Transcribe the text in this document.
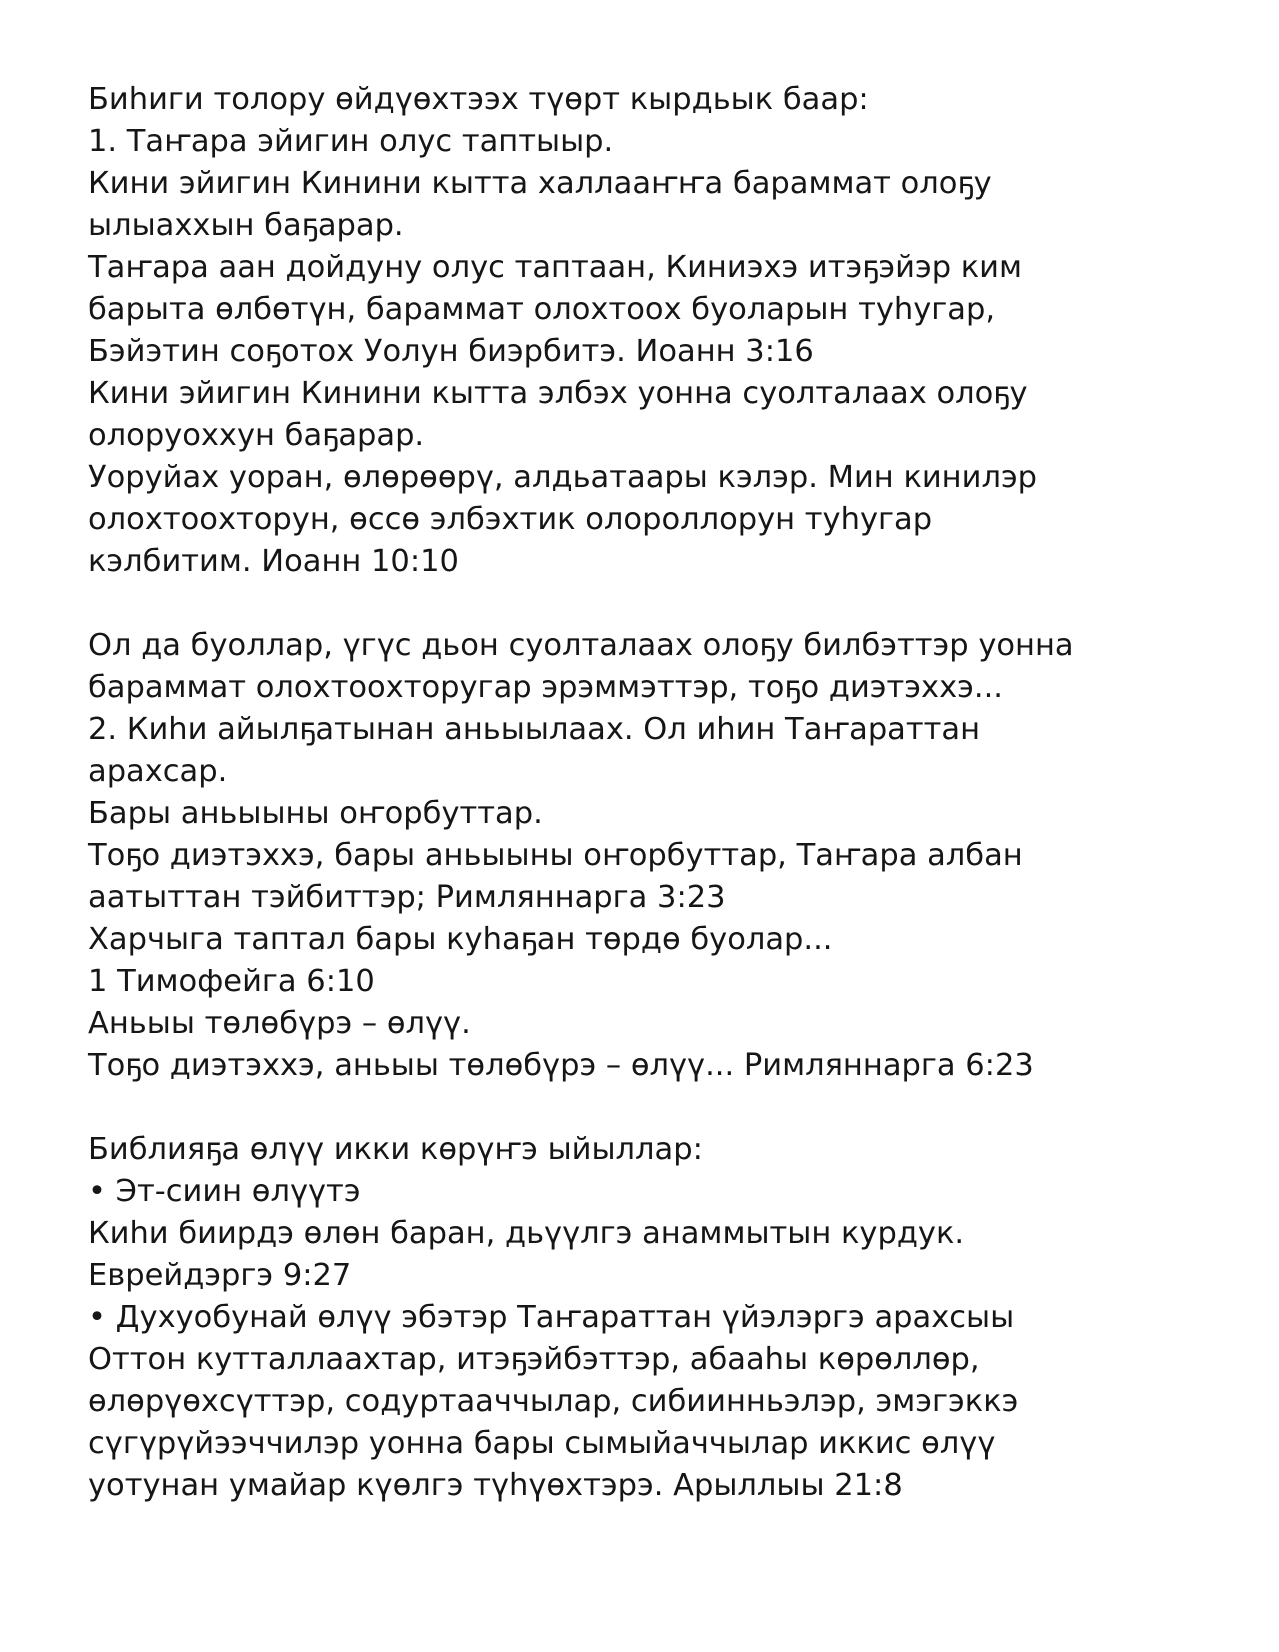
Биһиги толору өйдүөхтээх түөрт кырдьык баар:
1. Таҥара эйигин олус таптыыр.
Кини эйигин Кинини кытта халлааҥҥа бараммат олоҕу
ылыаххын баҕарар.
Таҥара аан дойдуну олус таптаан, Киниэхэ итэҕэйэр ким
барыта өлбөтүн, бараммат олохтоох буоларын туһугар,
Бэйэтин соҕотох Уолун биэрбитэ. Иоанн 3:16
Кини эйигин Кинини кытта элбэх уонна суолталаах олоҕу
олоруоххун баҕарар.
Уоруйах уоран, өлөрөөрү, алдьатаары кэлэр. Мин кинилэр
олохтоохторун, өссө элбэхтик олороллорун туһугар
кэлбитим. Иоанн 10:10
Ол да буоллар, үгүс дьон суолталаах олоҕу билбэттэр уонна
бараммат олохтоохторугар эрэммэттэр, тоҕо диэтэххэ...
2. Киһи айылҕатынан аньыылаах. Ол иһин Таҥараттан
арахсар.
Бары аньыыны оҥорбуттар.
Тоҕо диэтэххэ, бары аньыыны оҥорбуттар, Таҥара албан
аатыттан тэйбиттэр; Римляннарга 3:23
Харчыга таптал бары куһаҕан төрдө буолар...
1 Тимофейга 6:10
Аньыы төлөбүрэ – өлүү.
Тоҕо диэтэххэ, аньыы төлөбүрэ – өлүү... Римляннарга 6:23
Библияҕа өлүү икки көрүҥэ ыйыллар:
• Эт-сиин өлүүтэ
Киһи биирдэ өлөн баран, дьүүлгэ анаммытын курдук.
Еврейдэргэ 9:27
• Духуобунай өлүү эбэтэр Таҥараттан үйэлэргэ арахсыы
Оттон кутталлаахтар, итэҕэйбэттэр, абааһы көрөллөр,
өлөрүөхсүттэр, содуртааччылар, сибиинньэлэр, эмэгэккэ
сүгүрүйээччилэр уонна бары сымыйаччылар иккис өлүү
уотунан умайар күөлгэ түһүөхтэрэ. Арыллыы 21:8
